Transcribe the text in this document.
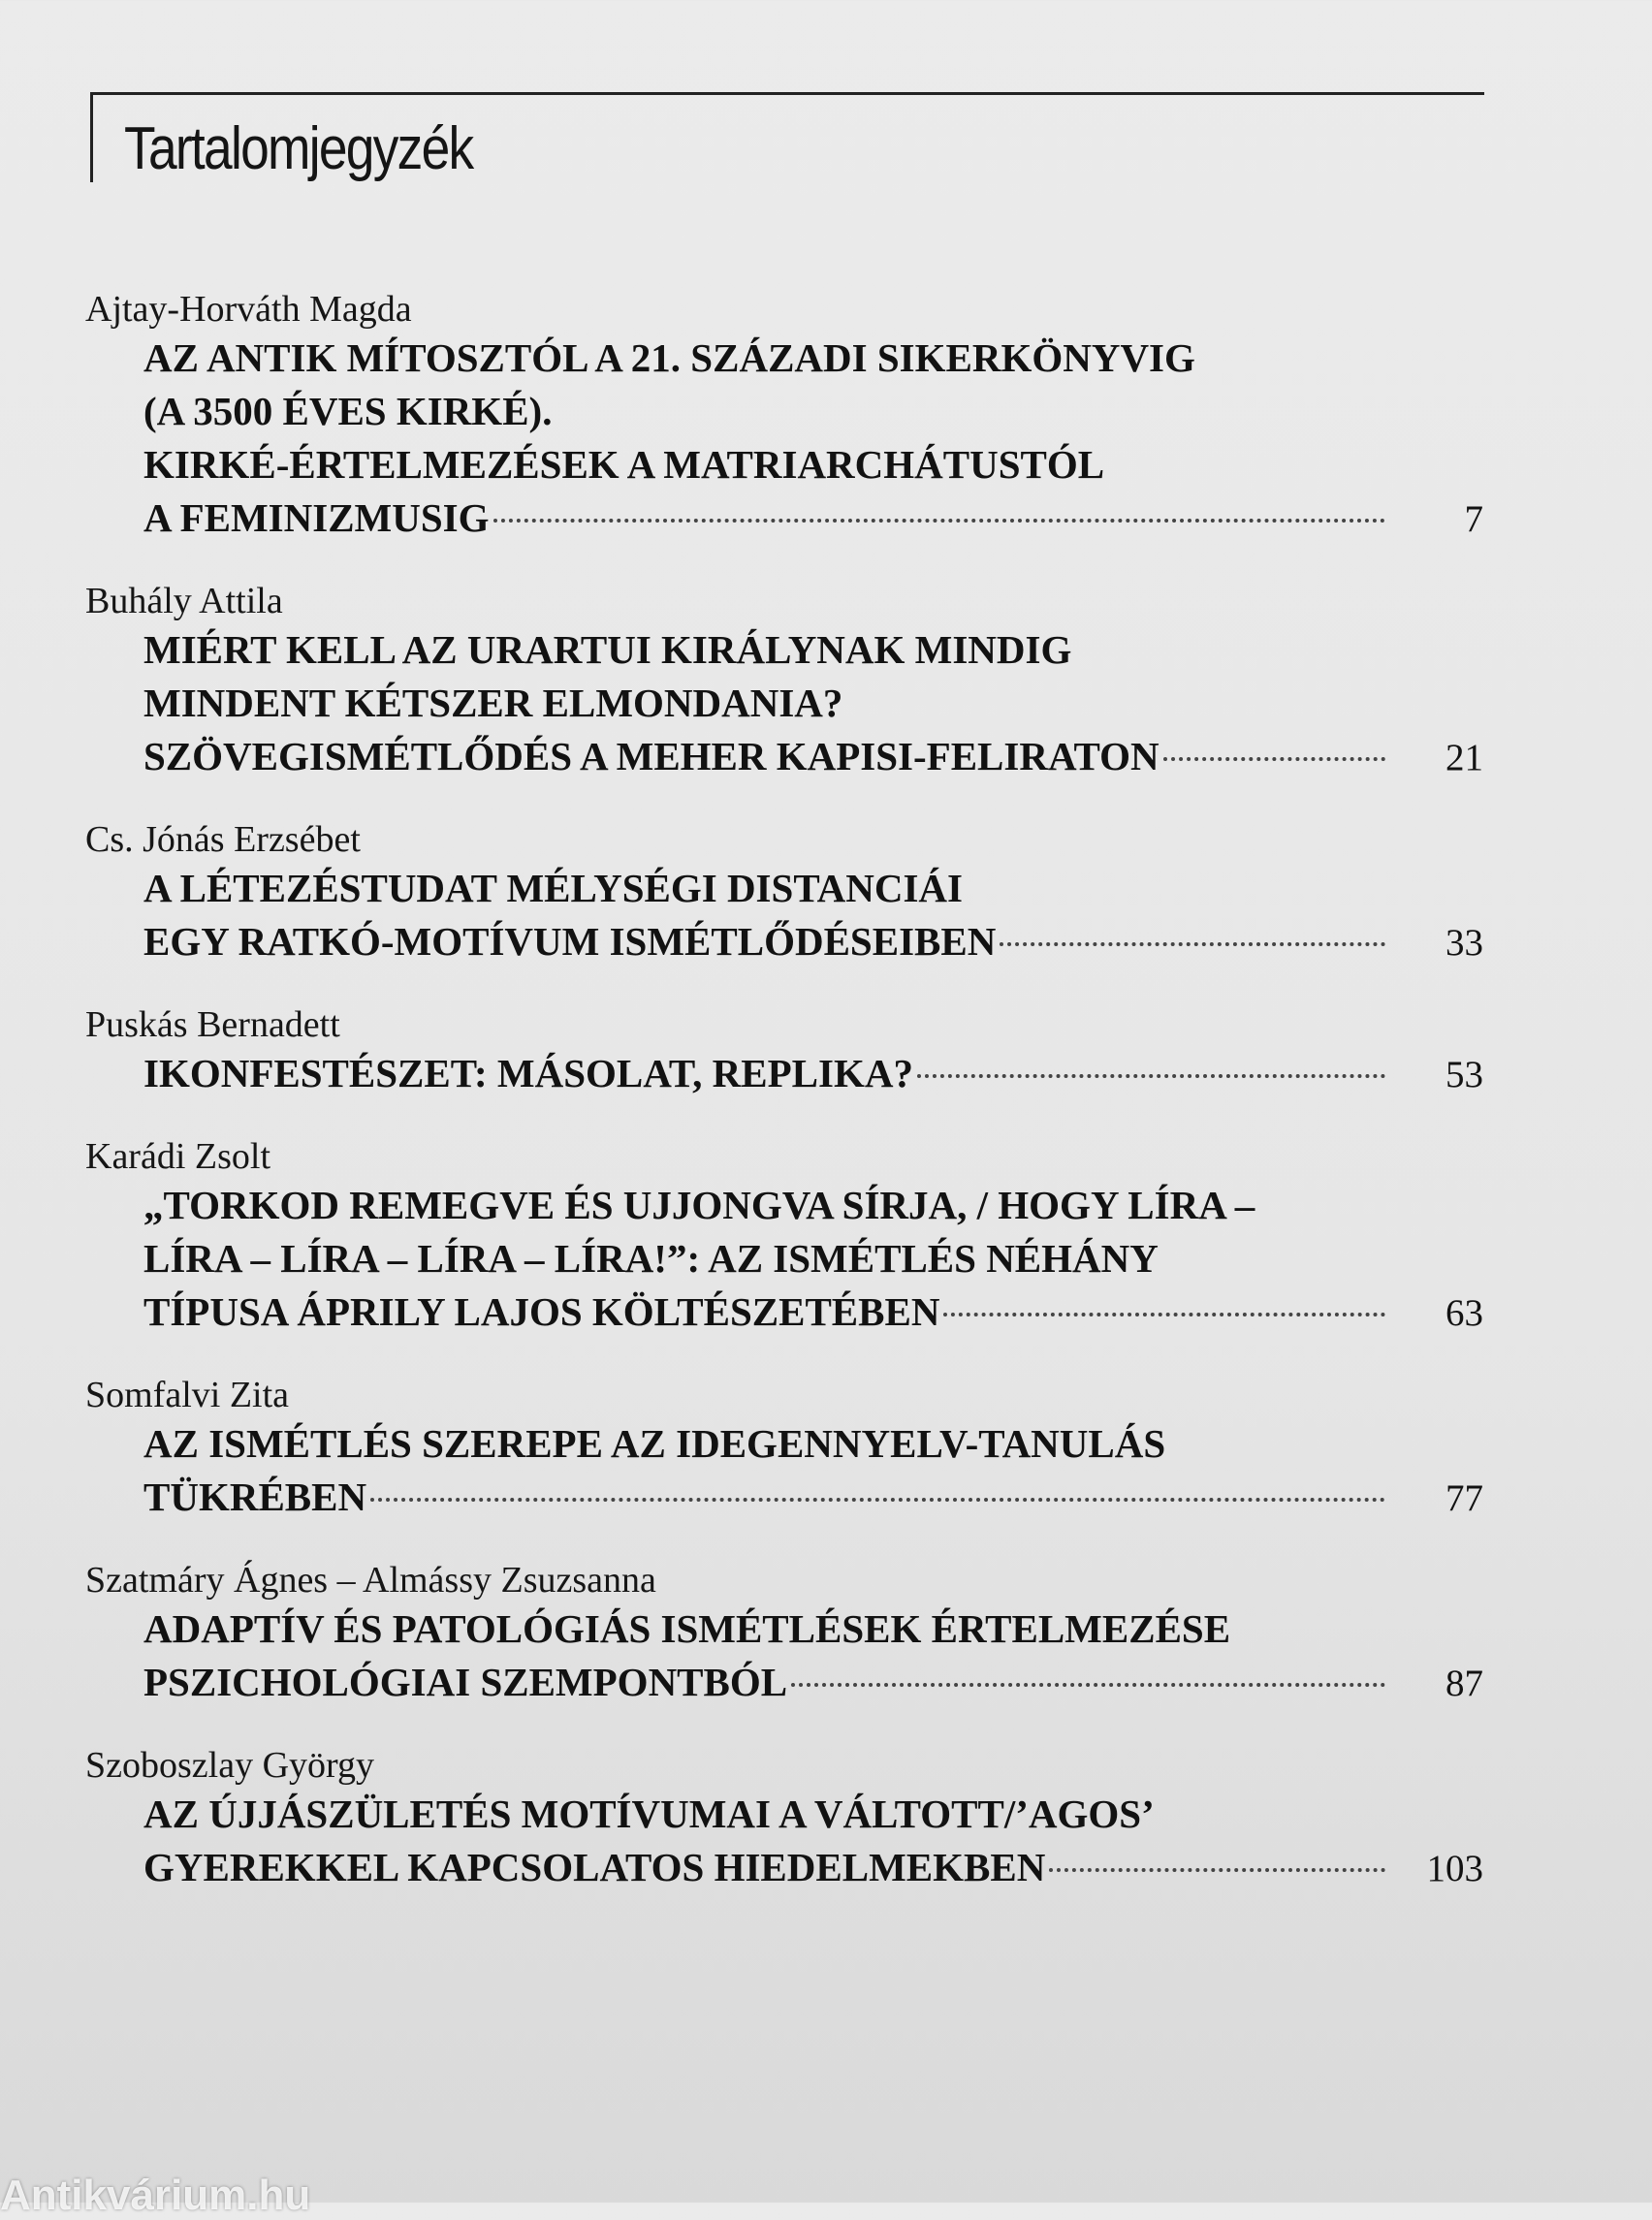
Tartalomjegyzék
Ajtay-Horváth Magda
AZ ANTIK MÍTOSZTÓL A 21. SZÁZADI SIKERKÖNYVIG
(A 3500 ÉVES KIRKÉ).
KIRKÉ-ÉRTELMEZÉSEK A MATRIARCHÁTUSTÓL
A FEMINIZMUSIG	7
Buhály Attila
MIÉRT KELL AZ URARTUI KIRÁLYNAK MINDIG
MINDENT KÉTSZER ELMONDANIA?
SZÖVEGISMÉTLŐDÉS A MEHER KAPISI-FELIRATON	21
Cs. Jónás Erzsébet
A LÉTEZÉSTUDAT MÉLYSÉGI DISTANCIÁI
EGY RATKÓ-MOTÍVUM ISMÉTLŐDÉSEIBEN	33
Puskás Bernadett
IKONFESTÉSZET: MÁSOLAT, REPLIKA?	53
Karádi Zsolt
„TORKOD REMEGVE ÉS UJJONGVA SÍRJA, / HOGY LÍRA –
LÍRA – LÍRA – LÍRA – LÍRA!”: AZ ISMÉTLÉS NÉHÁNY
TÍPUSA ÁPRILY LAJOS KÖLTÉSZETÉBEN	63
Somfalvi Zita
AZ ISMÉTLÉS SZEREPE AZ IDEGENNYELV-TANULÁS
TÜKRÉBEN	77
Szatmáry Ágnes – Almássy Zsuzsanna
ADAPTÍV ÉS PATOLÓGIÁS ISMÉTLÉSEK ÉRTELMEZÉSE
PSZICHOLÓGIAI SZEMPONTBÓL	87
Szoboszlay György
AZ ÚJJÁSZÜLETÉS MOTÍVUMAI A VÁLTOTT/’AGOS’
GYEREKKEL KAPCSOLATOS HIEDELMEKBEN	103
Antikvárium.hu
